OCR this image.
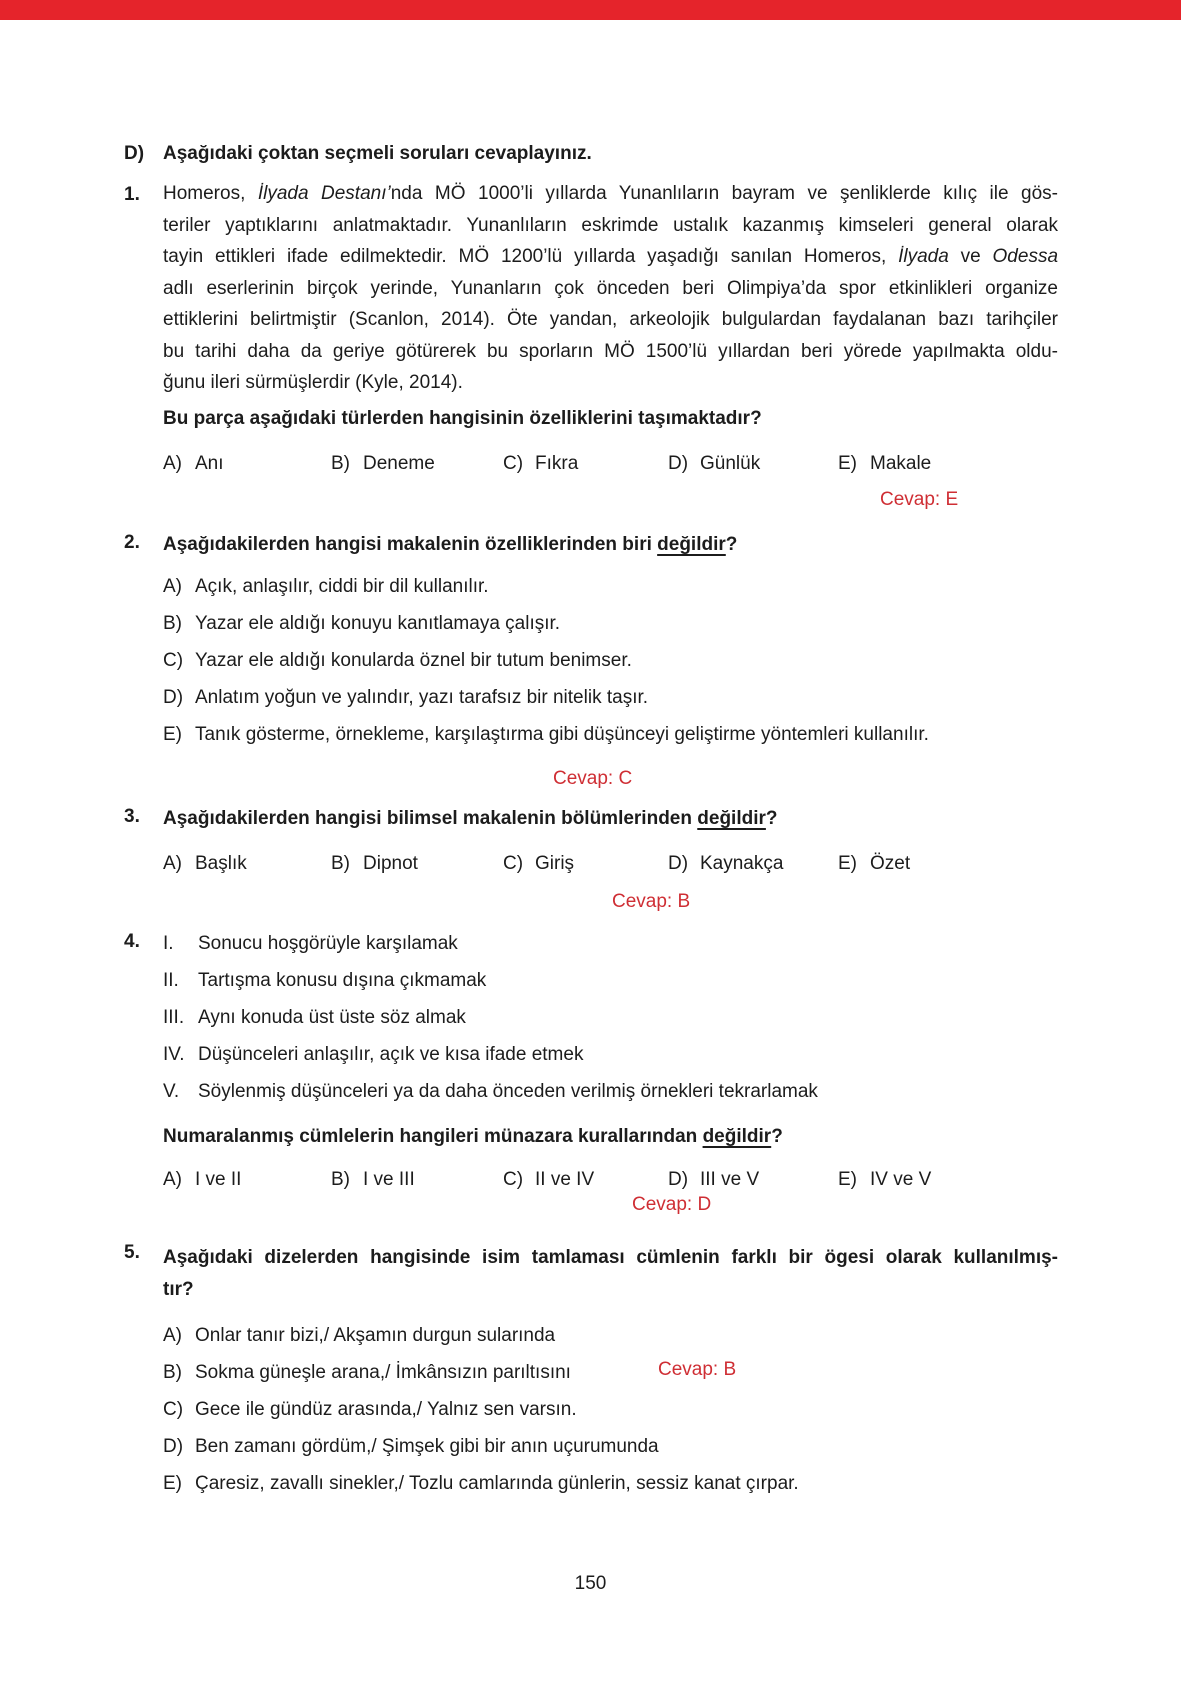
D) Aşağıdaki çoktan seçmeli soruları cevaplayınız.
1. Homeros, İlyada Destanı’nda MÖ 1000’li yıllarda Yunanlıların bayram ve şenliklerde kılıç ile gös-
teriler yaptıklarını anlatmaktadır. Yunanlıların eskrimde ustalık kazanmış kimseleri general olarak
tayin ettikleri ifade edilmektedir. MÖ 1200’lü yıllarda yaşadığı sanılan Homeros, İlyada ve Odessa
adlı eserlerinin birçok yerinde, Yunanların çok önceden beri Olimpiya’da spor etkinlikleri organize
ettiklerini belirtmiştir (Scanlon, 2014). Öte yandan, arkeolojik bulgulardan faydalanan bazı tarihçiler
bu tarihi daha da geriye götürerek bu sporların MÖ 1500’lü yıllardan beri yörede yapılmakta oldu-
ğunu ileri sürmüşlerdir (Kyle, 2014).
Bu parça aşağıdaki türlerden hangisinin özelliklerini taşımaktadır?
A) Anı	B) Deneme	C) Fıkra	D) Günlük	E) Makale
Cevap: E
2. Aşağıdakilerden hangisi makalenin özelliklerinden biri değildir?
A) Açık, anlaşılır, ciddi bir dil kullanılır.
B) Yazar ele aldığı konuyu kanıtlamaya çalışır.
C) Yazar ele aldığı konularda öznel bir tutum benimser.
D) Anlatım yoğun ve yalındır, yazı tarafsız bir nitelik taşır.
E) Tanık gösterme, örnekleme, karşılaştırma gibi düşünceyi geliştirme yöntemleri kullanılır.
Cevap: C
3. Aşağıdakilerden hangisi bilimsel makalenin bölümlerinden değildir?
A) Başlık	B) Dipnot	C) Giriş	D) Kaynakça	E) Özet
Cevap: B
4. I. Sonucu hoşgörüyle karşılamak
II. Tartışma konusu dışına çıkmamak
III. Aynı konuda üst üste söz almak
IV. Düşünceleri anlaşılır, açık ve kısa ifade etmek
V. Söylenmiş düşünceleri ya da daha önceden verilmiş örnekleri tekrarlamak
Numaralanmış cümlelerin hangileri münazara kurallarından değildir?
A) I ve II	B) I ve III	C) II ve IV	D) III ve V	E) IV ve V
Cevap: D
5. Aşağıdaki dizelerden hangisinde isim tamlaması cümlenin farklı bir ögesi olarak kullanılmış-
tır?
A) Onlar tanır bizi,/ Akşamın durgun sularında
B) Sokma güneşle arana,/ İmkânsızın parıltısını
C) Gece ile gündüz arasında,/ Yalnız sen varsın.
D) Ben zamanı gördüm,/ Şimşek gibi bir anın uçurumunda
E) Çaresiz, zavallı sinekler,/ Tozlu camlarında günlerin, sessiz kanat çırpar.
Cevap: B
150
